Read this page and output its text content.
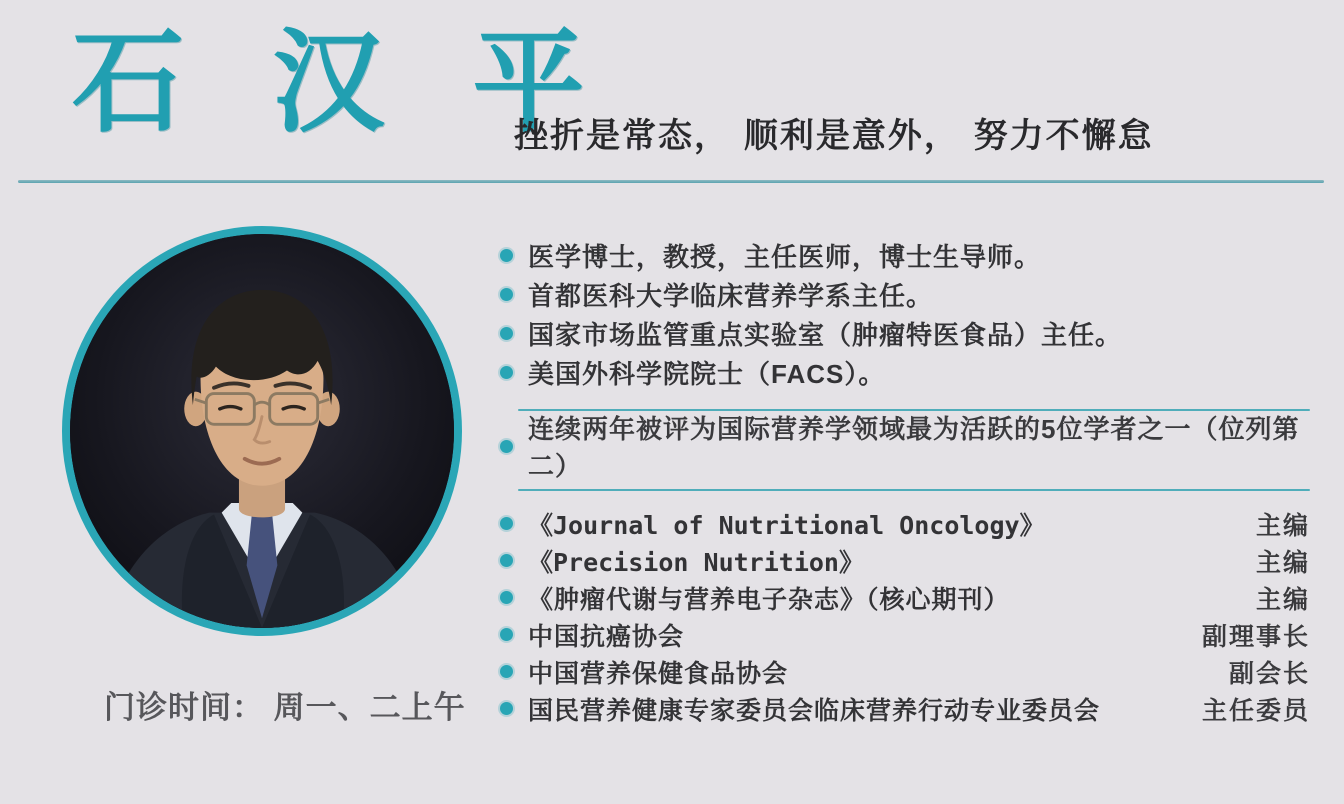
石 汉 平
挫折是常态， 顺利是意外， 努力不懈怠
门诊时间： 周一、二上午
医学博士，教授，主任医师，博士生导师。
首都医科大学临床营养学系主任。
国家市场监管重点实验室（肿瘤特医食品）主任。
美国外科学院院士（FACS）。
连续两年被评为国际营养学领域最为活跃的5位学者之一（位列第二）
《Journal of Nutritional Oncology》	主编
《Precision Nutrition》	主编
《肿瘤代谢与营养电子杂志》（核心期刊）	主编
中国抗癌协会	副理事长
中国营养保健食品协会	副会长
国民营养健康专家委员会临床营养行动专业委员会	主任委员
